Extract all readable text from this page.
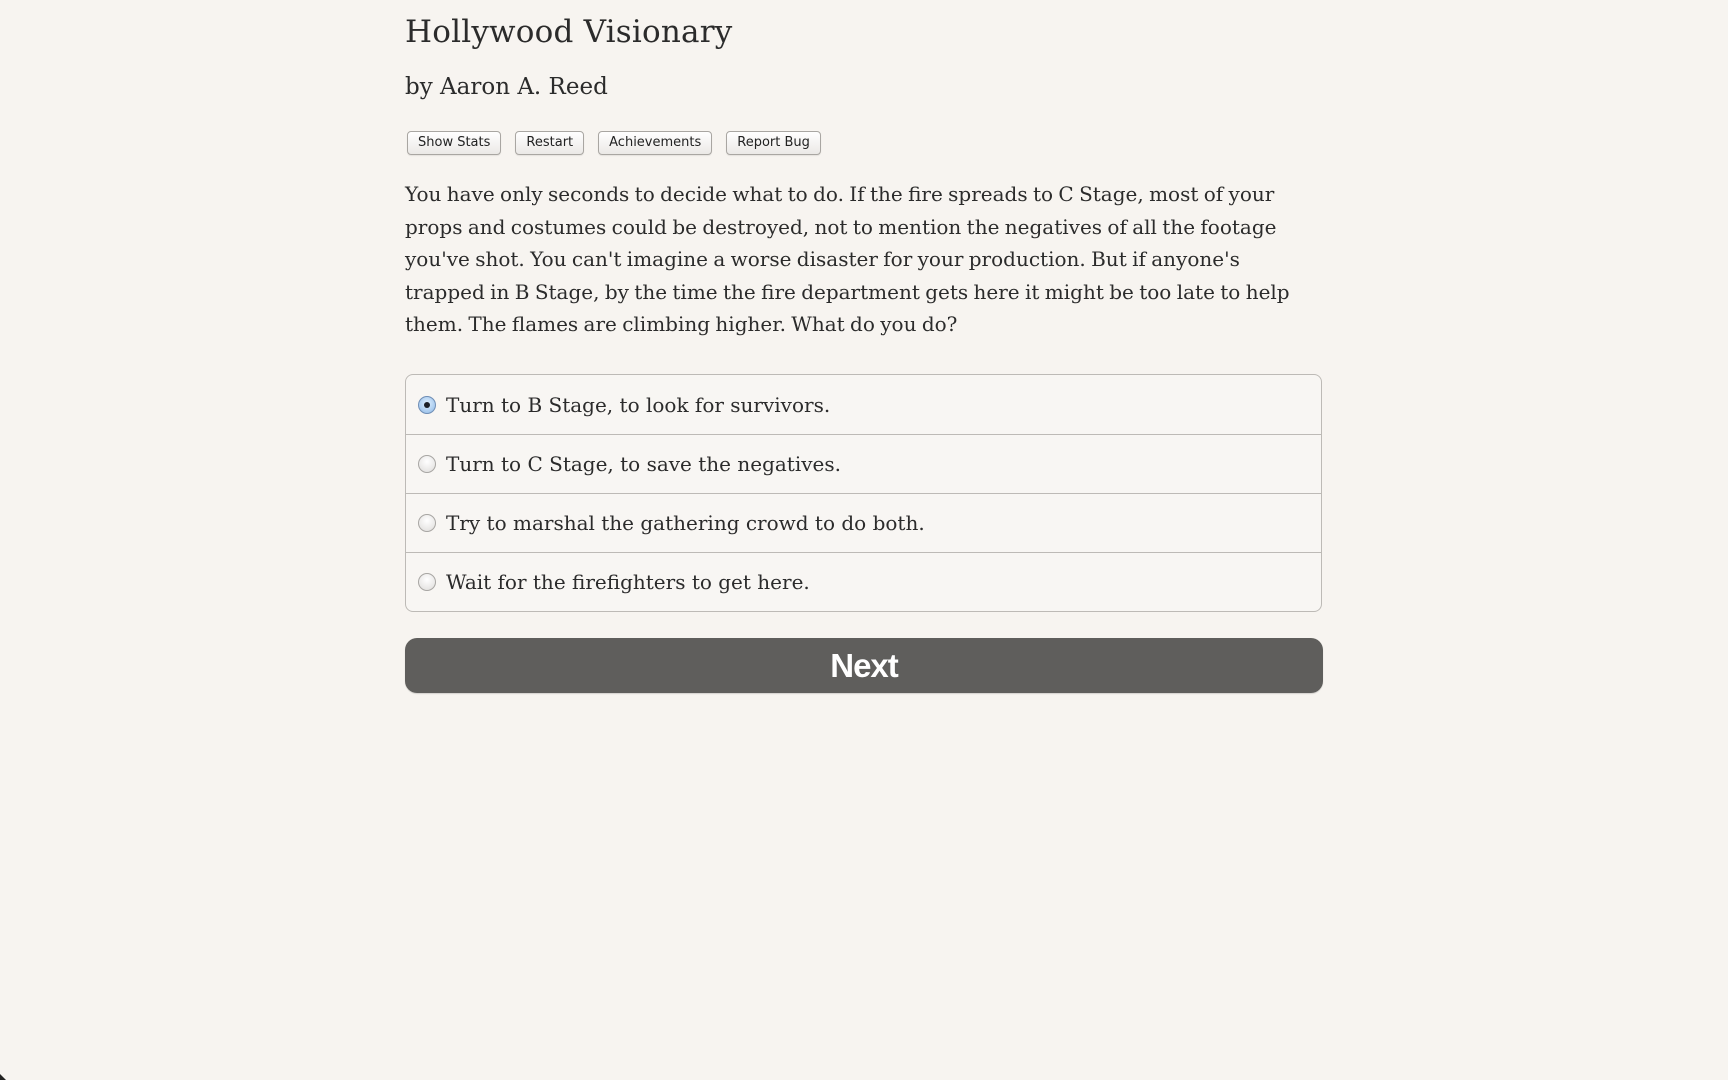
Hollywood Visionary
by Aaron A. Reed
Show Stats	Restart	Achievements	Report Bug

You have only seconds to decide what to do. If the fire spreads to C Stage, most of your props and costumes could be destroyed, not to mention the negatives of all the footage you've shot. You can't imagine a worse disaster for your production. But if anyone's trapped in B Stage, by the time the fire department gets here it might be too late to help them. The flames are climbing higher. What do you do?

Turn to B Stage, to look for survivors.
Turn to C Stage, to save the negatives.
Try to marshal the gathering crowd to do both.
Wait for the firefighters to get here.
Next
